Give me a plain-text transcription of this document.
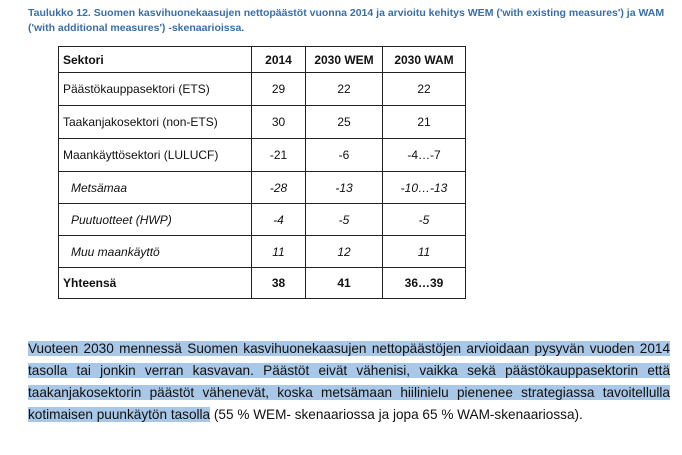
Taulukko 12. Suomen kasvihuonekaasujen nettopäästöt vuonna 2014 ja arvioitu kehitys WEM ('with existing measures') ja WAM ('with additional measures') -skenaarioissa.
Sektori	2014	2030 WEM	2030 WAM
Päästökauppasektori (ETS)	29	22	22
Taakanjakosektori (non-ETS)	30	25	21
Maankäyttösektori (LULUCF)	-21	-6	-4…-7
Metsämaa	-28	-13	-10…-13
Puutuotteet (HWP)	-4	-5	-5
Muu maankäyttö	11	12	11
Yhteensä	38	41	36…39

Vuoteen 2030 mennessä Suomen kasvihuonekaasujen nettopäästöjen arvioidaan pysyvän vuoden 2014 tasolla tai jonkin verran kasvavan. Päästöt eivät vähenisi, vaikka sekä päästökauppasektorin että taakanjakosektorin päästöt vähenevät, koska metsämaan hiilinielu pienenee strategiassa tavoitellulla kotimaisen puunkäytön tasolla (55 % WEM- skenaariossa ja jopa 65 % WAM-skenaariossa).
